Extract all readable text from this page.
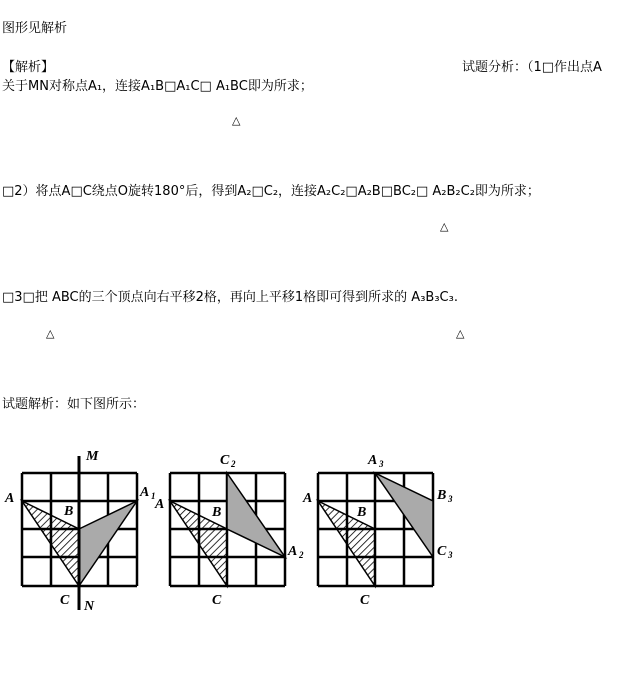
图形见解析
【解析】	试题分析：（1□作出点A
关于MN对称点A₁，连接A₁B□A₁C□ A₁BC即为所求；
△
□2）将点A□C绕点O旋转180°后，得到A₂□C₂，连接A₂C₂□A₂B□BC₂□ A₂B₂C₂即为所求；
△
□3□把 ABC的三个顶点向右平移2格，再向上平移1格即可得到所求的 A₃B₃C₃.
△	△
试题解析：如下图所示：
A
B
C
M
N
A 1
A
B
C
C 2
A 2
A
B
C
A 3
B 3
C 3
